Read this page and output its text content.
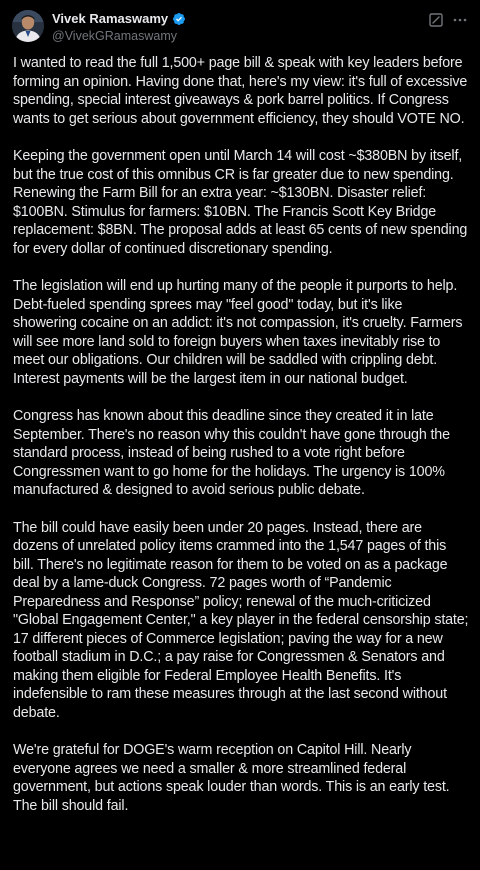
Vivek Ramaswamy
@VivekGRamaswamy

I wanted to read the full 1,500+ page bill & speak with key leaders before forming an opinion. Having done that, here's my view: it's full of excessive spending, special interest giveaways & pork barrel politics. If Congress wants to get serious about government efficiency, they should VOTE NO.

Keeping the government open until March 14 will cost ~$380BN by itself, but the true cost of this omnibus CR is far greater due to new spending. Renewing the Farm Bill for an extra year: ~$130BN. Disaster relief: $100BN. Stimulus for farmers: $10BN. The Francis Scott Key Bridge replacement: $8BN. The proposal adds at least 65 cents of new spending for every dollar of continued discretionary spending.

The legislation will end up hurting many of the people it purports to help. Debt-fueled spending sprees may "feel good" today, but it's like showering cocaine on an addict: it's not compassion, it's cruelty. Farmers will see more land sold to foreign buyers when taxes inevitably rise to meet our obligations. Our children will be saddled with crippling debt. Interest payments will be the largest item in our national budget.

Congress has known about this deadline since they created it in late September. There's no reason why this couldn't have gone through the standard process, instead of being rushed to a vote right before Congressmen want to go home for the holidays. The urgency is 100% manufactured & designed to avoid serious public debate.

The bill could have easily been under 20 pages. Instead, there are dozens of unrelated policy items crammed into the 1,547 pages of this bill. There's no legitimate reason for them to be voted on as a package deal by a lame-duck Congress. 72 pages worth of “Pandemic Preparedness and Response” policy; renewal of the much-criticized "Global Engagement Center," a key player in the federal censorship state; 17 different pieces of Commerce legislation; paving the way for a new football stadium in D.C.; a pay raise for Congressmen & Senators and making them eligible for Federal Employee Health Benefits. It's indefensible to ram these measures through at the last second without debate.

We're grateful for DOGE's warm reception on Capitol Hill. Nearly everyone agrees we need a smaller & more streamlined federal government, but actions speak louder than words. This is an early test. The bill should fail.
